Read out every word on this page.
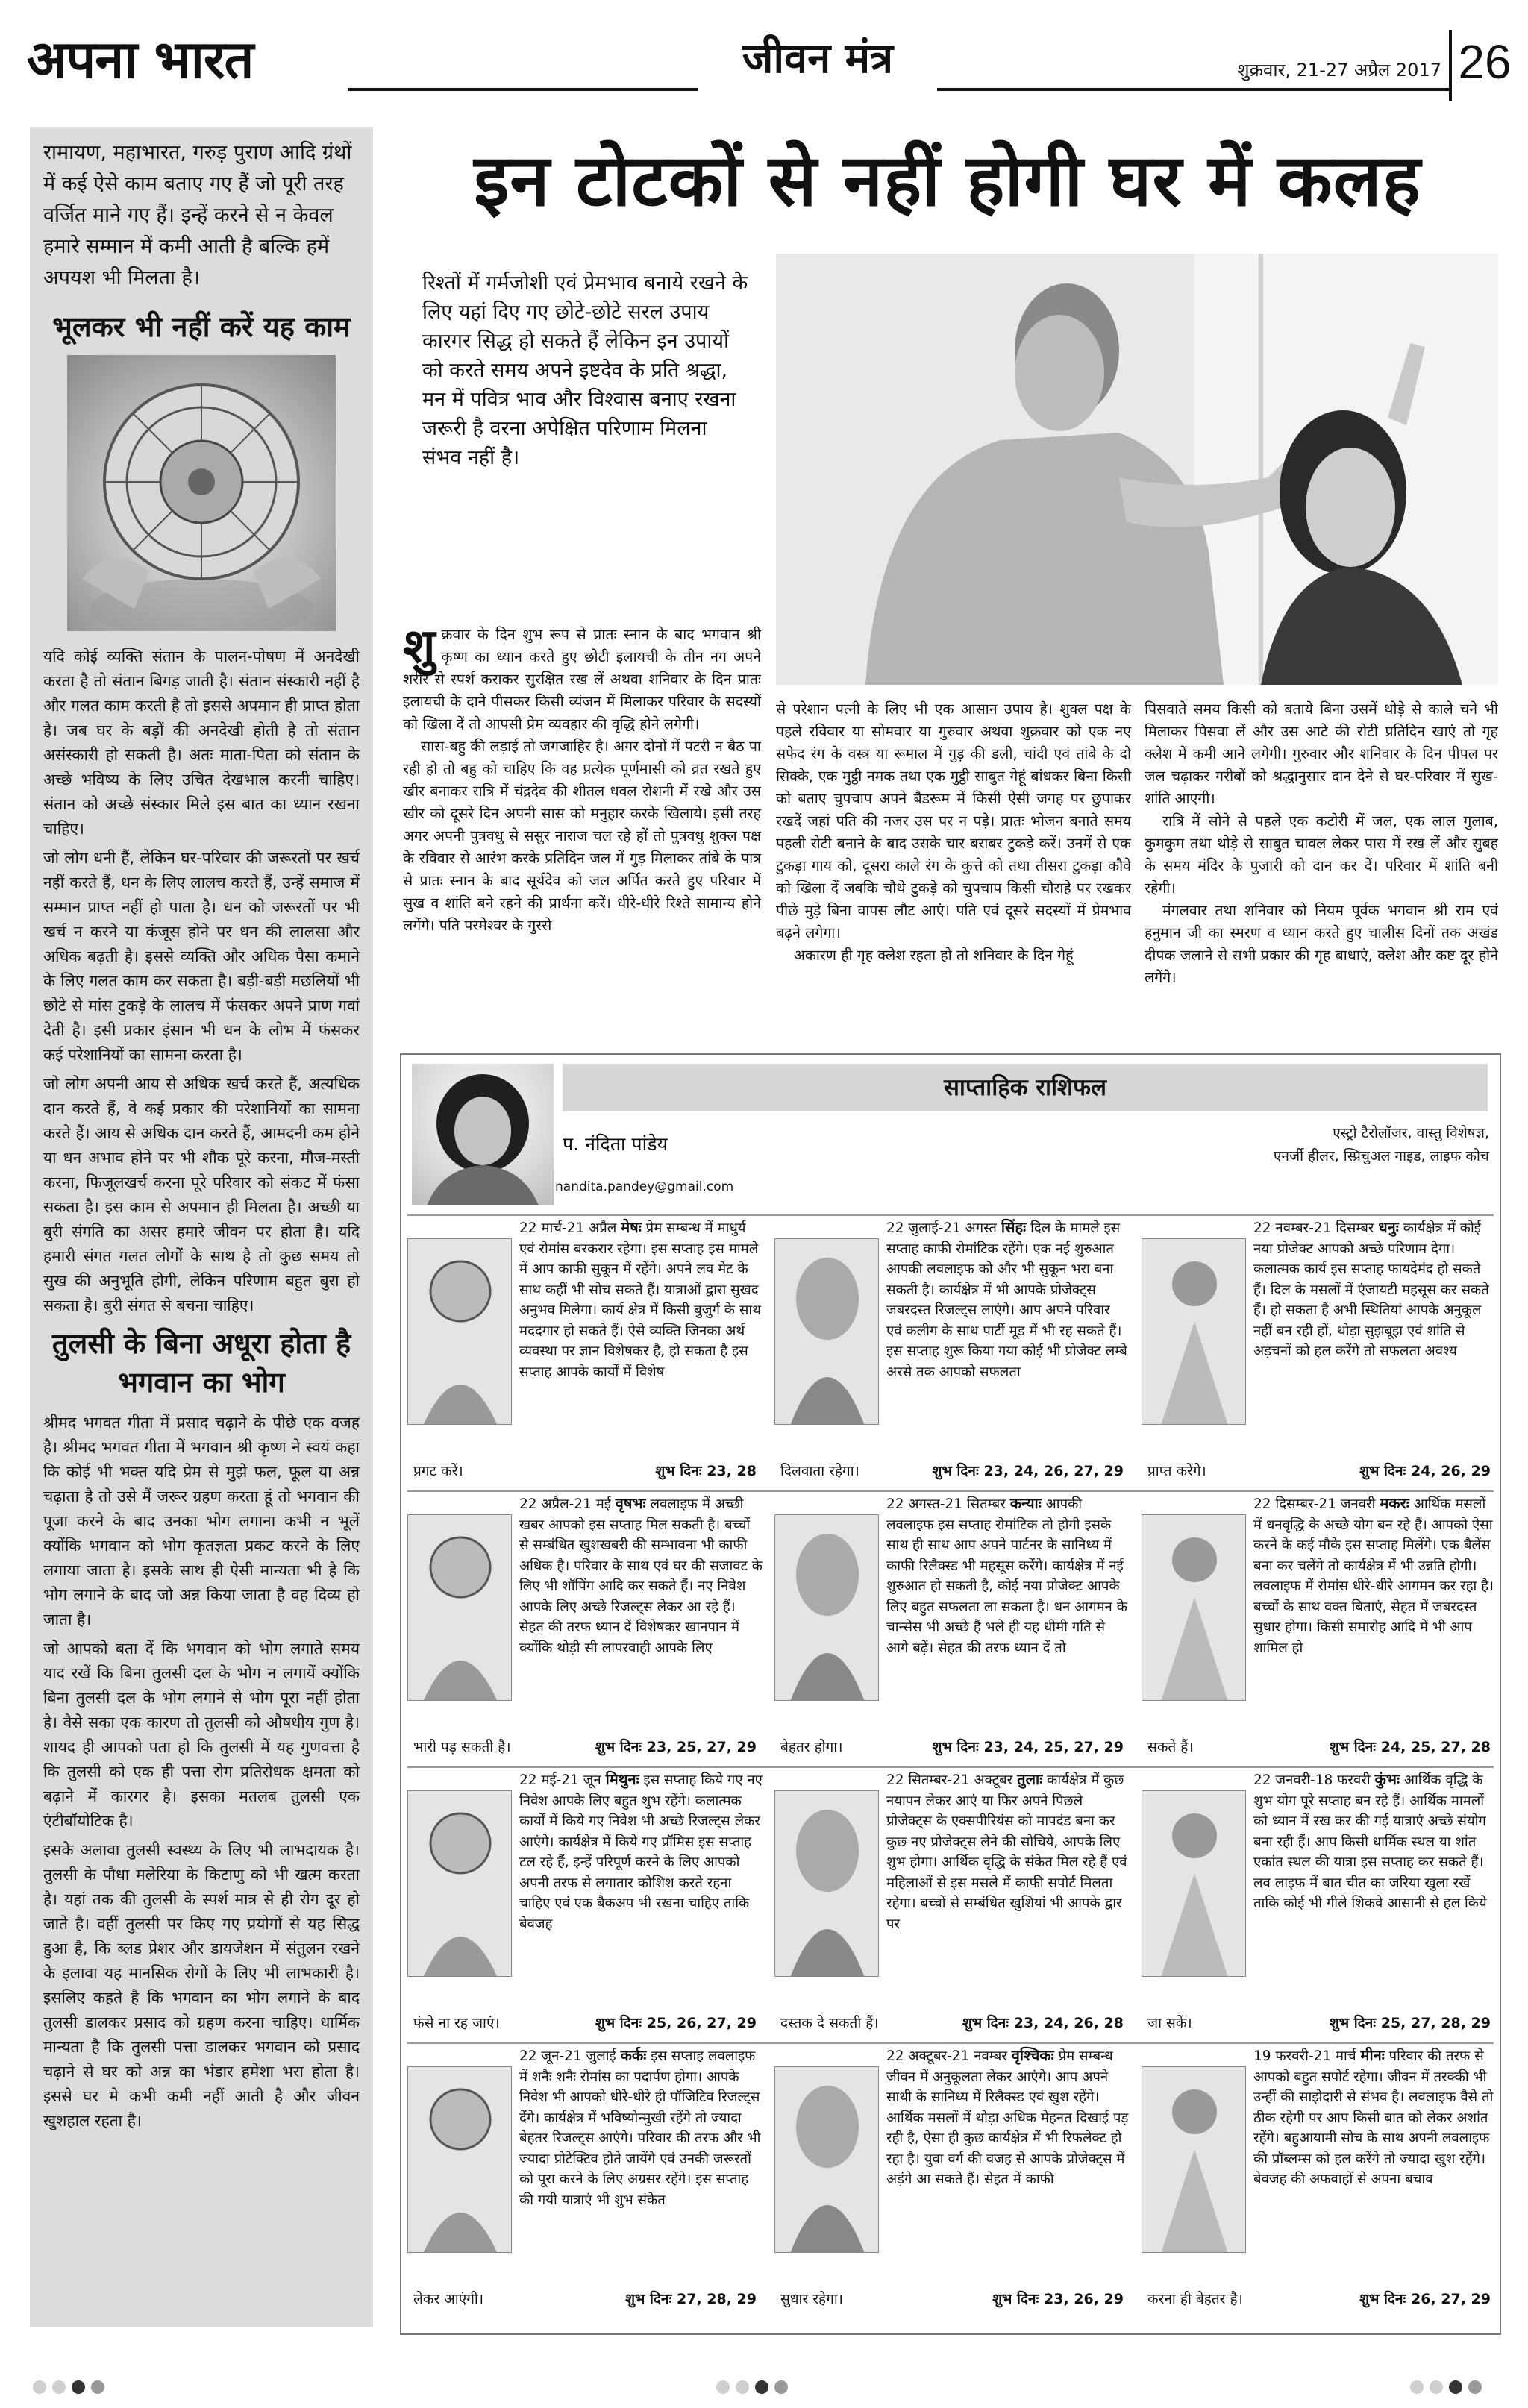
अपना भारत	जीवन मंत्र	शुक्रवार, 21-27 अप्रैल 2017 26

रामायण, महाभारत, गरुड़ पुराण आदि ग्रंथों में कई ऐसे काम बताए गए हैं जो पूरी तरह वर्जित माने गए हैं। इन्हें करने से न केवल हमारे सम्मान में कमी आती है बल्कि हमें अपयश भी मिलता है।

भूलकर भी नहीं करें यह काम

यदि कोई व्यक्ति संतान के पालन-पोषण में अनदेखी करता है तो संतान बिगड़ जाती है। संतान संस्कारी नहीं है और गलत काम करती है तो इससे अपमान ही प्राप्त होता है। जब घर के बड़ों की अनदेखी होती है तो संतान असंस्कारी हो सकती है। अतः माता-पिता को संतान के अच्छे भविष्य के लिए उचित देखभाल करनी चाहिए। संतान को अच्छे संस्कार मिले इस बात का ध्यान रखना चाहिए।

जो लोग धनी हैं, लेकिन घर-परिवार की जरूरतों पर खर्च नहीं करते हैं, धन के लिए लालच करते हैं, उन्हें समाज में सम्मान प्राप्त नहीं हो पाता है। धन को जरूरतों पर भी खर्च न करने या कंजूस होने पर धन की लालसा और अधिक बढ़ती है। इससे व्यक्ति और अधिक पैसा कमाने के लिए गलत काम कर सकता है। बड़ी-बड़ी मछलियों भी छोटे से मांस टुकड़े के लालच में फंसकर अपने प्राण गवां देती है। इसी प्रकार इंसान भी धन के लोभ में फंसकर कई परेशानियों का सामना करता है।

जो लोग अपनी आय से अधिक खर्च करते हैं, अत्यधिक दान करते हैं, वे कई प्रकार की परेशानियों का सामना करते हैं। आय से अधिक दान करते हैं, आमदनी कम होने या धन अभाव होने पर भी शौक पूरे करना, मौज-मस्ती करना, फिजूलखर्च करना पूरे परिवार को संकट में फंसा सकता है। इस काम से अपमान ही मिलता है। अच्छी या बुरी संगति का असर हमारे जीवन पर होता है। यदि हमारी संगत गलत लोगों के साथ है तो कुछ समय तो सुख की अनुभूति होगी, लेकिन परिणाम बहुत बुरा हो सकता है। बुरी संगत से बचना चाहिए।

तुलसी के बिना अधूरा होता है भगवान का भोग

श्रीमद भगवत गीता में प्रसाद चढ़ाने के पीछे एक वजह है। श्रीमद भगवत गीता में भगवान श्री कृष्ण ने स्वयं कहा कि कोई भी भक्त यदि प्रेम से मुझे फल, फूल या अन्न चढ़ाता है तो उसे मैं जरूर ग्रहण करता हूं तो भगवान की पूजा करने के बाद उनका भोग लगाना कभी न भूलें क्योंकि भगवान को भोग कृतज्ञता प्रकट करने के लिए लगाया जाता है। इसके साथ ही ऐसी मान्यता भी है कि भोग लगाने के बाद जो अन्न किया जाता है वह दिव्य हो जाता है।

जो आपको बता दें कि भगवान को भोग लगाते समय याद रखें कि बिना तुलसी दल के भोग न लगायें क्योंकि बिना तुलसी दल के भोग लगाने से भोग पूरा नहीं होता है। वैसे सका एक कारण तो तुलसी को औषधीय गुण है। शायद ही आपको पता हो कि तुलसी में यह गुणवत्ता है कि तुलसी को एक ही पत्ता रोग प्रतिरोधक क्षमता को बढ़ाने में कारगर है। इसका मतलब तुलसी एक एंटीबॉयोटिक है।

इसके अलावा तुलसी स्वस्थ्य के लिए भी लाभदायक है। तुलसी के पौधा मलेरिया के कि‍टाणु को भी खत्म करता है। यहां तक की तुलसी के स्पर्श मात्र से ही रोग दूर हो जाते है। वहीं तुलसी पर किए गए प्रयोगों से यह सिद्ध हुआ है, कि ब्लड प्रेशर और डायजेशन में संतुलन रखने के इलावा यह मानसिक रोगों के लिए भी लाभकारी है। इसलिए कहते है कि भगवान का भोग लगाने के बाद तुलसी डालकर प्रसाद को ग्रहण करना चाहिए। धार्मिक मान्यता है कि तुलसी पत्ता डालकर भगवान को प्रसाद चढ़ाने से घर को अन्न का भंडार हमेशा भरा होता है। इससे घर मे कभी कमी नहीं आती है और जीवन खुशहाल रहता है।

इन टोटकों से नहीं होगी घर में कलह
रिश्तों में गर्मजोशी एवं प्रेमभाव बनाये रखने के लिए यहां दिए गए छोटे-छोटे सरल उपाय कारगर सिद्ध हो सकते हैं लेकिन इन उपायों को करते समय अपने इष्टदेव के प्रति श्रद्धा, मन में पवित्र भाव और विश्वास बनाए रखना जरूरी है वरना अपेक्षित परिणाम मिलना संभव नहीं है।

शुक्रवार के दिन शुभ रूप से प्रातः स्नान के बाद भगवान श्री कृष्ण का ध्यान करते हुए छोटी इलायची के तीन नग अपने शरीर से स्पर्श कराकर सुरक्षित रख लें अथवा शनिवार के दिन प्रातः इलायची के दाने पीसकर किसी व्यंजन में मिलाकर परिवार के सदस्यों को खिला दें तो आपसी प्रेम व्यवहार की वृद्धि होने लगेगी।

सास-बहु की लड़ाई तो जगजाहिर है। अगर दोनों में पटरी न बैठ पा रही हो तो बहु को चाहिए कि वह प्रत्येक पूर्णमासी को व्रत रखते हुए खीर बनाकर रात्रि में चंद्रदेव की शीतल धवल रोशनी में रखे और उस खीर को दूसरे दिन अपनी सास को मनुहार करके खिलाये। इसी तरह अगर अपनी पुत्रवधु से ससुर नाराज चल रहे हों तो पुत्रवधु शुक्ल पक्ष के रविवार से आरंभ करके प्रतिदिन जल में गुड़ मिलाकर तांबे के पात्र से प्रातः स्नान के बाद सूर्यदेव को जल अर्पित करते हुए परिवार में सुख व शांति बने रहने की प्रार्थना करें। धीरे-धीरे रिश्ते सामान्य होने लगेंगे। पति परमेश्वर के गुस्से

से परेशान पत्नी के लिए भी एक आसान उपाय है। शुक्ल पक्ष के पहले रविवार या सोमवार या गुरुवार अथवा शुक्रवार को एक नए सफेद रंग के वस्त्र या रूमाल में गुड़ की डली, चांदी एवं तांबे के दो सिक्के, एक मुट्ठी नमक तथा एक मुट्ठी साबुत गेहूं बांधकर बिना किसी को बताए चुपचाप अपने बैडरूम में किसी ऐसी जगह पर छुपाकर रखदें जहां पति की नजर उस पर न पड़े। प्रातः भोजन बनाते समय पहली रोटी बनाने के बाद उसके चार बराबर टुकड़े करें। उनमें से एक टुकड़ा गाय को, दूसरा काले रंग के कुत्ते को तथा तीसरा टुकड़ा कौवे को खिला दें जबकि चौथे टुकड़े को चुपचाप किसी चौराहे पर रखकर पीछे मुड़े बिना वापस लौट आएं। पति एवं दूसरे सदस्यों में प्रेमभाव बढ़ने लगेगा।

अकारण ही गृह क्लेश रहता हो तो शनिवार के दिन गेहूं

पिसवाते समय किसी को बताये बिना उसमें थोड़े से काले चने भी मिलाकर पिसवा लें और उस आटे की रोटी प्रतिदिन खाएं तो गृह क्लेश में कमी आने लगेगी। गुरुवार और शनिवार के दिन पीपल पर जल चढ़ाकर गरीबों को श्रद्धानुसार दान देने से घर-परिवार में सुख-शांति आएगी।

रात्रि में सोने से पहले एक कटोरी में जल, एक लाल गुलाब, कुमकुम तथा थोड़े से साबुत चावल लेकर पास में रख लें और सुबह के समय मंदिर के पुजारी को दान कर दें। परिवार में शांति बनी रहेगी।

मंगलवार तथा शनिवार को नियम पूर्वक भगवान श्री राम एवं हनुमान जी का स्मरण व ध्यान करते हुए चालीस दिनों तक अखंड दीपक जलाने से सभी प्रकार की गृह बाधाएं, क्लेश और कष्ट दूर होने लगेंगे।

साप्ताहिक राशिफल
प. नंदिता पांडेय
nandita.pandey@gmail.com
एस्ट्रो टैरोलॉजर, वास्तु विशेषज्ञ,
एनर्जी हीलर, स्प्रिचुअल गाइड, लाइफ कोच
22 मार्च-21 अप्रैल मेषः प्रेम सम्बन्ध में माधुर्य एवं रोमांस बरकरार रहेगा। इस सप्ताह इस मामले में आप काफी सुकून में रहेंगे। अपने लव मेट के साथ कहीं भी सोच सकते हैं। यात्राओं द्वारा सुखद अनुभव मिलेगा। कार्य क्षेत्र में किसी बुजुर्ग के साथ मददगार हो सकते हैं। ऐसे व्यक्ति जिनका अर्थ व्यवस्था पर ज्ञान विशेषकर है, हो सकता है इस सप्ताह आपके कार्यों में विशेष
प्रगट करें।	शुभ दिनः 23, 28
22 जुलाई-21 अगस्त सिंहः दिल के मामले इस सप्ताह काफी रोमांटिक रहेंगे। एक नई शुरुआत आपकी लवलाइफ को और भी सुकून भरा बना सकती है। कार्यक्षेत्र में भी आपके प्रोजेक्ट्स जबरदस्त रिजल्ट्स लाएंगे। आप अपने परिवार एवं कलीग के साथ पार्टी मूड में भी रह सकते हैं। इस सप्ताह शुरू किया गया कोई भी प्रोजेक्ट लम्बे अरसे तक आपको सफलता
दिलवाता रहेगा।	शुभ दिनः 23, 24, 26, 27, 29
22 नवम्बर-21 दिसम्बर धनुः कार्यक्षेत्र में कोई नया प्रोजेक्ट आपको अच्छे परिणाम देगा। कलात्मक कार्य इस सप्ताह फायदेमंद हो सकते हैं। दिल के मसलों में एंजायटी महसूस कर सकते हैं। हो सकता है अभी स्थितियां आपके अनुकूल नहीं बन रही हों, थोड़ा सुझबूझ एवं शांति से अड़चनों को हल करेंगे तो सफलता अवश्य
प्राप्त करेंगे।	शुभ दिनः 24, 26, 29
22 अप्रैल-21 मई वृषभः लवलाइफ में अच्छी खबर आपको इस सप्ताह मिल सकती है। बच्चों से सम्बंधित खुशखबरी की सम्भावना भी काफी अधिक है। परिवार के साथ एवं घर की सजावट के लिए भी शॉपिंग आदि कर सकते हैं। नए निवेश आपके लिए अच्छे रिजल्ट्स लेकर आ रहे हैं। सेहत की तरफ ध्यान दें विशेषकर खानपान में क्योंकि थोड़ी सी लापरवाही आपके लिए
भारी पड़ सकती है।	शुभ दिनः 23, 25, 27, 29
22 अगस्त-21 सितम्बर कन्याः आपकी लवलाइफ इस सप्ताह रोमांटिक तो होगी इसके साथ ही साथ आप अपने पार्टनर के सानिध्य में काफी रिलैक्स्ड भी महसूस करेंगे। कार्यक्षेत्र में नई शुरुआत हो सकती है, कोई नया प्रोजेक्ट आपके लिए बहुत सफलता ला सकता है। धन आगमन के चान्सेस भी अच्छे हैं भले ही यह धीमी गति से आगे बढ़ें। सेहत की तरफ ध्यान दें तो
बेहतर होगा।	शुभ दिनः 23, 24, 25, 27, 29
22 दिसम्बर-21 जनवरी मकरः आर्थिक मसलों में धनवृद्धि के अच्छे योग बन रहे हैं। आपको ऐसा करने के कई मौके इस सप्ताह मिलेंगे। एक बैलेंस बना कर चलेंगे तो कार्यक्षेत्र में भी उन्नति होगी। लवलाइफ में रोमांस धीरे-धीरे आगमन कर रहा है। बच्चों के साथ वक्त बिताएं, सेहत में जबरदस्त सुधार होगा। किसी समारोह आदि में भी आप शामिल हो
सकते हैं।	शुभ दिनः 24, 25, 27, 28
22 मई-21 जून मिथुनः इस सप्ताह किये गए नए निवेश आपके लिए बहुत शुभ रहेंगे। कलात्मक कार्यों में किये गए निवेश भी अच्छे रिजल्ट्स लेकर आएंगे। कार्यक्षेत्र में किये गए प्रॉमिस इस सप्ताह टल रहे हैं, इन्हें परिपूर्ण करने के लिए आपको अपनी तरफ से लगातार कोशिश करते रहना चाहिए एवं एक बैकअप भी रखना चाहिए ताकि बेवजह
फंसे ना रह जाएं।	शुभ दिनः 25, 26, 27, 29
22 सितम्बर-21 अक्टूबर तुलाः कार्यक्षेत्र में कुछ नयापन लेकर आएं या फिर अपने पिछले प्रोजेक्ट्स के एक्सपीरियंस को मापदंड बना कर कुछ नए प्रोजेक्ट्स लेने की सोचिये, आपके लिए शुभ होगा। आर्थिक वृद्धि के संकेत मिल रहे हैं एवं महिलाओं से इस मसले में काफी सपोर्ट मिलता रहेगा। बच्चों से सम्बंधित खुशियां भी आपके द्वार पर
दस्तक दे सकती हैं।	शुभ दिनः 23, 24, 26, 28
22 जनवरी-18 फरवरी कुंभः आर्थिक वृद्धि के शुभ योग पूरे सप्ताह बन रहे हैं। आर्थिक मामलों को ध्यान में रख कर की गई यात्राएं अच्छे संयोग बना रही हैं। आप किसी धार्मिक स्थल या शांत एकांत स्थल की यात्रा इस सप्ताह कर सकते हैं। लव लाइफ में बात चीत का जरिया खुला रखें ताकि कोई भी गीले शिकवे आसानी से हल किये
जा सकें।	शुभ दिनः 25, 27, 28, 29
22 जून-21 जुलाई कर्कः इस सप्ताह लवलाइफ में शनैः शनैः रोमांस का पदार्पण होगा। आपके निवेश भी आपको धीरे-धीरे ही पॉजिटिव रिजल्ट्स देंगे। कार्यक्षेत्र में भविष्योन्मुखी रहेंगे तो ज्यादा बेहतर रिजल्ट्स आएंगे। परिवार की तरफ और भी ज्यादा प्रोटेक्टिव होते जायेंगे एवं उनकी जरूरतों को पूरा करने के लिए अग्रसर रहेंगे। इस सप्ताह की गयी यात्राएं भी शुभ संकेत
लेकर आएंगी।	शुभ दिनः 27, 28, 29
22 अक्टूबर-21 नवम्बर वृश्चिकः प्रेम सम्बन्ध जीवन में अनुकूलता लेकर आएंगे। आप अपने साथी के सानिध्य में रिलैक्स्ड एवं खुश रहेंगे। आर्थिक मसलों में थोड़ा अधिक मेहनत दिखाई पड़ रही है, ऐसा ही कुछ कार्यक्षेत्र में भी रिफलेक्ट हो रहा है। युवा वर्ग की वजह से आपके प्रोजेक्ट्स में अड़ंगे आ सकते हैं। सेहत में काफी
सुधार रहेगा।	शुभ दिनः 23, 26, 29
19 फरवरी-21 मार्च मीनः परिवार की तरफ से आपको बहुत सपोर्ट रहेगा। जीवन में तरक्की भी उन्हीं की साझेदारी से संभव है। लवलाइफ वैसे तो ठीक रहेगी पर आप किसी बात को लेकर अशांत रहेंगे। बहुआयामी सोच के साथ अपनी लवलाइफ की प्रॉब्लम्स को हल करेंगे तो ज्यादा खुश रहेंगे। बेवजह की अफवाहों से अपना बचाव
करना ही बेहतर है।	शुभ दिनः 26, 27, 29
